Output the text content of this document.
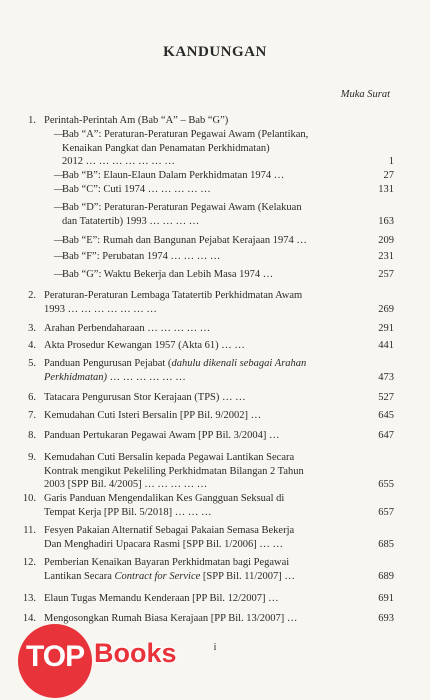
KANDUNGAN
Muka Surat
1. Perintah-Perintah Am (Bab “A” – Bab “G”)
—
Bab “A”: Peraturan-Peraturan Pegawai Awam (Pelantikan,
Kenaikan Pangkat dan Penamatan Perkhidmatan)
2012 … … … … … … …	1
—
Bab “B”: Elaun-Elaun Dalam Perkhidmatan 1974 …	27
—
Bab “C”: Cuti 1974 … … … … …	131
—
Bab “D”: Peraturan-Peraturan Pegawai Awam (Kelakuan
dan Tatatertib) 1993 … … … …	163
—
Bab “E”: Rumah dan Bangunan Pejabat Kerajaan 1974 …	209
—
Bab “F”: Perubatan 1974 … … … …	231
—
Bab “G”: Waktu Bekerja dan Lebih Masa 1974 …	257
2. Peraturan-Peraturan Lembaga Tatatertib Perkhidmatan Awam
1993 … … … … … … …	269
3. Arahan Perbendaharaan … … … … …	291
4. Akta Prosedur Kewangan 1957 (Akta 61) … …	441
5. Panduan Pengurusan Pejabat (dahulu dikenali sebagai Arahan
Perkhidmatan) … … … … … …	473
6. Tatacara Pengurusan Stor Kerajaan (TPS) … …	527
7. Kemudahan Cuti Isteri Bersalin [PP Bil. 9/2002] …	645
8. Panduan Pertukaran Pegawai Awam [PP Bil. 3/2004] …	647
9. Kemudahan Cuti Bersalin kepada Pegawai Lantikan Secara
Kontrak mengikut Pekeliling Perkhidmatan Bilangan 2 Tahun
2003 [SPP Bil. 4/2005] … … … … …	655
10. Garis Panduan Mengendalikan Kes Gangguan Seksual di
Tempat Kerja [PP Bil. 5/2018] … … …	657
11. Fesyen Pakaian Alternatif Sebagai Pakaian Semasa Bekerja
Dan Menghadiri Upacara Rasmi [SPP Bil. 1/2006] … …	685
12. Pemberian Kenaikan Bayaran Perkhidmatan bagi Pegawai
Lantikan Secara Contract for Service [SPP Bil. 11/2007] …	689
13. Elaun Tugas Memandu Kenderaan [PP Bil. 12/2007] …	691
14. Mengosongkan Rumah Biasa Kerajaan [PP Bil. 13/2007] …	693
i
TOP Books
